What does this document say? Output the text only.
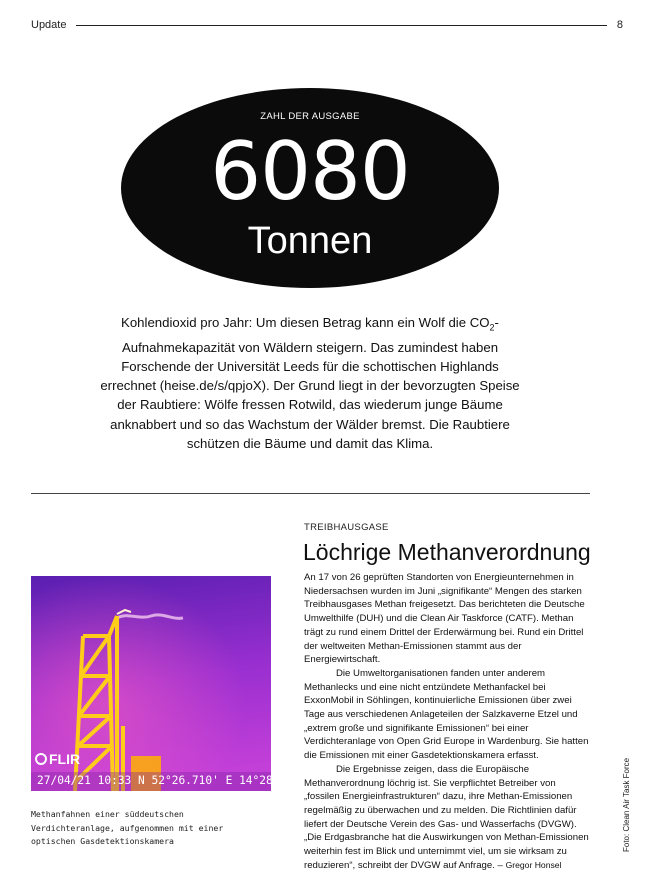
Update	8
ZAHL DER AUSGABE
6080
Tonnen
Kohlendioxid pro Jahr: Um diesen Betrag kann ein Wolf die $CO_2$-Aufnahmekapazität von Wäldern steigern. Das zumindest haben Forschende der Universität Leeds für die schottischen Highlands errechnet (heise.de/s/qpjoX). Der Grund liegt in der bevorzugten Speise der Raubtiere: Wölfe fressen Rotwild, das wiederum junge Bäume anknabbert und so das Wachstum der Wälder bremst. Die Raubtiere schützen die Bäume und damit das Klima.
TREIBHAUSGASE
Löchrige Methanverordnung

An 17 von 26 geprüften Standorten von Energieunternehmen in Niedersachsen wurden im Juni „signifikante“ Mengen des starken Treibhausgases Methan freigesetzt. Das berichteten die Deutsche Umwelthilfe (DUH) und die Clean Air Taskforce (CATF). Methan trägt zu rund einem Drittel der Erderwärmung bei. Rund ein Drittel der weltweiten Methan-Emissionen stammt aus der Energiewirtschaft.

Die Umweltorganisationen fanden unter anderem Methanlecks und eine nicht entzündete Methanfackel bei ExxonMobil in Söhlingen, kontinuierliche Emissionen über zwei Tage aus verschiedenen Anlageteilen der Salzkaverne Etzel und „extrem große und signifikante Emissionen“ bei einer Verdichteranlage von Open Grid Europe in Wardenburg. Sie hatten die Emissionen mit einer Gasdetektionskamera erfasst.

Die Ergebnisse zeigen, dass die Europäische Methanverordnung löchrig ist. Sie verpflichtet Betreiber von „fossilen Energieinfrastrukturen“ dazu, ihre Methan-Emissionen regelmäßig zu überwachen und zu melden. Die Richtlinien dafür liefert der Deutsche Verein des Gas- und Wasserfachs (DVGW). „Die Erdgasbranche hat die Auswirkungen von Methan-Emissionen weiterhin fest im Blick und unternimmt viel, um sie wirksam zu reduzieren“, schreibt der DVGW auf Anfrage. – Gregor Honsel

FLIR
27/04/21 10:33 N 52°26.710' E 14°28.522'
Methanfahnen einer süddeutschen Verdichteranlage, aufgenommen mit einer optischen Gasdetektionskamera	Foto: Clean Air Task Force
